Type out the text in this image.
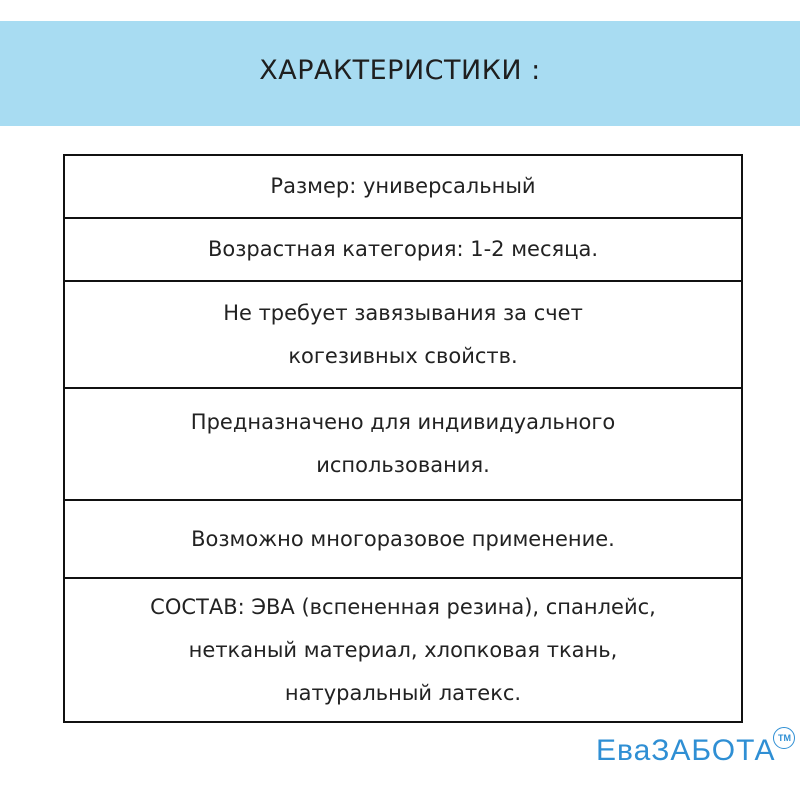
ХАРАКТЕРИСТИКИ :
Размер: универсальный
Возрастная категория: 1-2 месяца.
Не требует завязывания за счет
когезивных свойств.
Предназначено для индивидуального
использования.
Возможно многоразовое применение.
СОСТАВ: ЭВА (вспененная резина), спанлейс,
нетканый материал, хлопковая ткань,
натуральный латекс.
ЕваЗАБОТА TM
